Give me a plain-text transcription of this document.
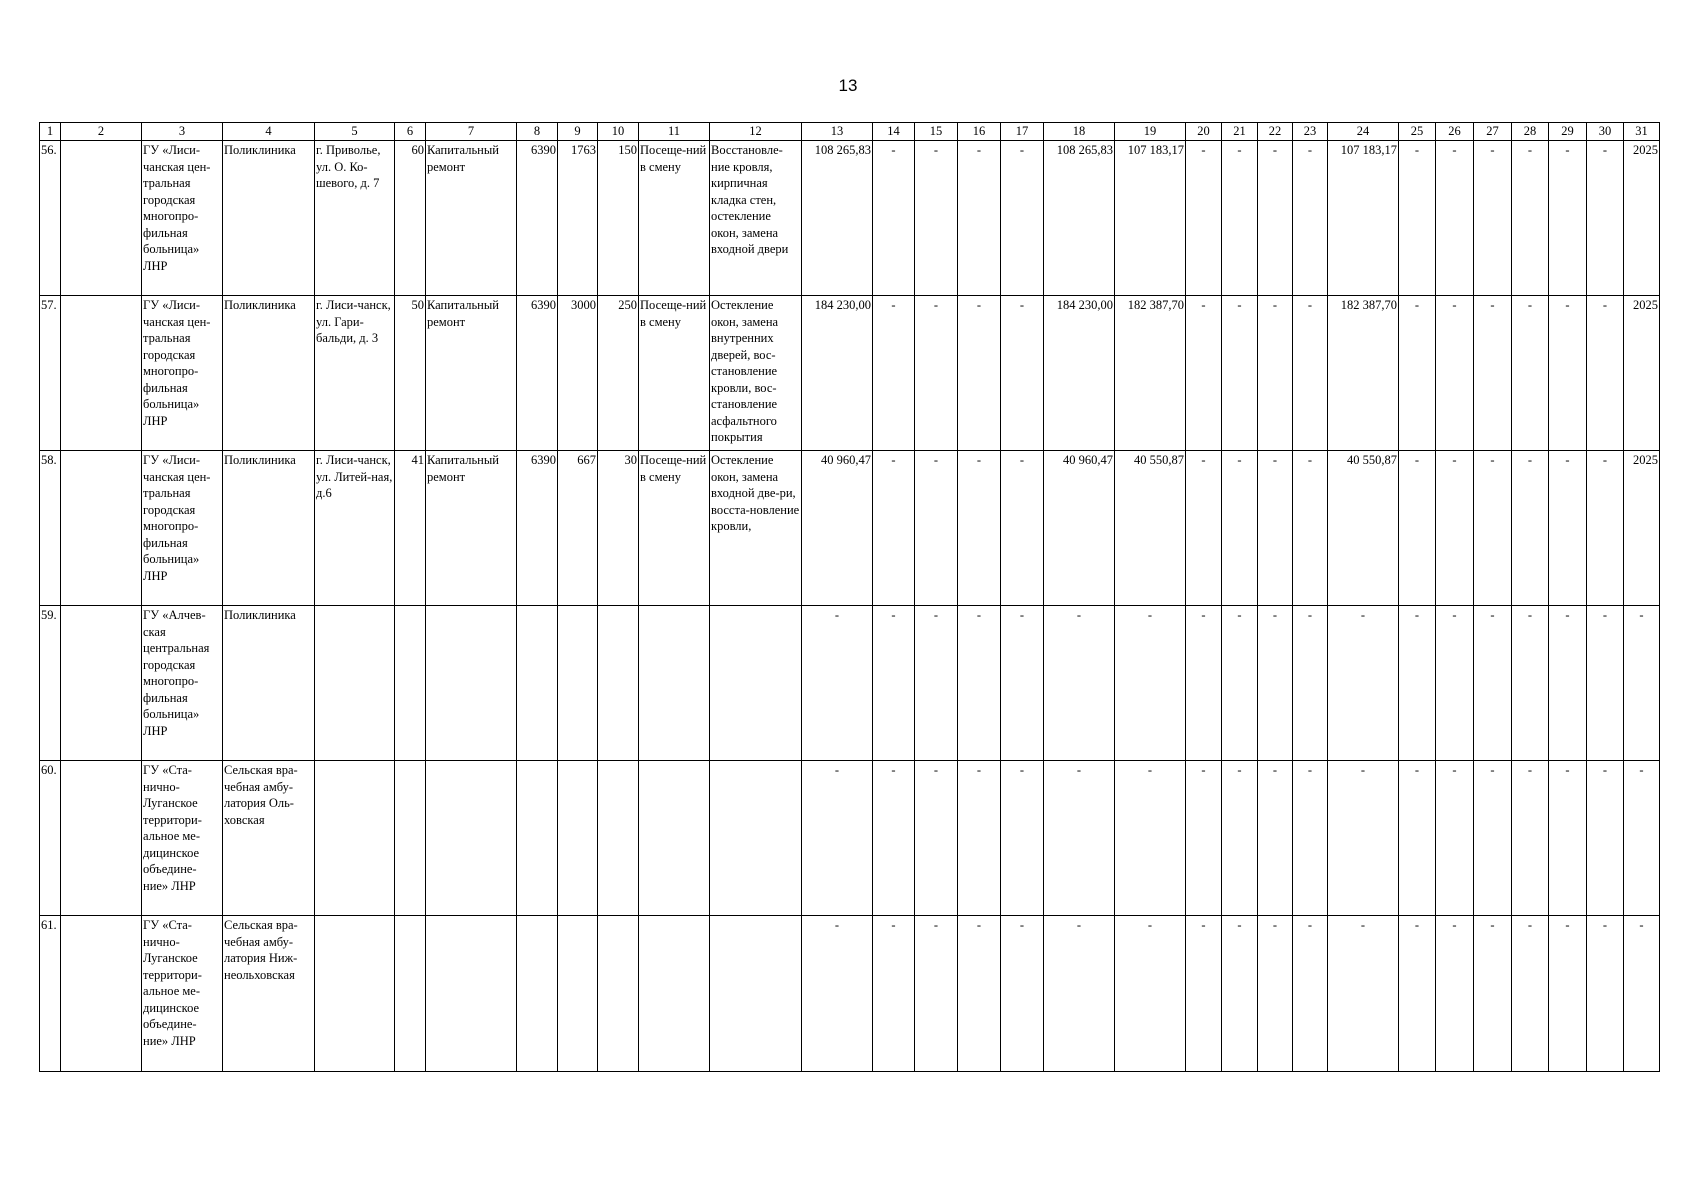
13
1	2	3	4	5	6	7	8	9	10	11	12	13	14	15	16	17	18	19	20	21	22	23	24	25	26	27	28	29	30	31
56.		ГУ «Лиси-чанская цен-тральная городская многопро-фильная больница» ЛНР	Поликлиника	г. Привольe, ул. О. Ко-шевого, д. 7	60	Капитальный ремонт	6390	1763	150	Посеще-ний в смену	Восстановле-ние кровля, кирпичная кладка стен, остекление окон, замена входной двери	108 265,83	-	-	-	-	108 265,83	107 183,17	-	-	-	-	107 183,17	-	-	-	-	-	-	2025
57.		ГУ «Лиси-чанская цен-тральная городская многопро-фильная больница» ЛНР	Поликлиника	г. Лиси-чанск, ул. Гари-бальди, д. 3	50	Капитальный ремонт	6390	3000	250	Посеще-ний в смену	Остекление окон, замена внутренних дверей, вос-становление кровли, вос-становление асфальтного покрытия	184 230,00	-	-	-	-	184 230,00	182 387,70	-	-	-	-	182 387,70	-	-	-	-	-	-	2025
58.		ГУ «Лиси-чанская цен-тральная городская многопро-фильная больница» ЛНР	Поликлиника	г. Лиси-чанск, ул. Литей-ная, д.6	41	Капитальный ремонт	6390	667	30	Посеще-ний в смену	Остекление окон, замена входной две-ри, восста-новление кровли,	40 960,47	-	-	-	-	40 960,47	40 550,87	-	-	-	-	40 550,87	-	-	-	-	-	-	2025
59.		ГУ «Алчев-ская центральная городская многопро-фильная больница» ЛНР	Поликлиника									-	-	-	-	-	-	-	-	-	-	-	-	-	-	-	-	-	-	-
60.		ГУ «Ста-нично-Луганское территори-альное ме-дицинское объедине-ние» ЛНР	Сельская вра-чебная амбу-латория Оль-ховская									-	-	-	-	-	-	-	-	-	-	-	-	-	-	-	-	-	-	-
61.		ГУ «Ста-нично-Луганское территори-альное ме-дицинское объедине-ние» ЛНР	Сельская вра-чебная амбу-латория Ниж-неольховская									-	-	-	-	-	-	-	-	-	-	-	-	-	-	-	-	-	-	-
